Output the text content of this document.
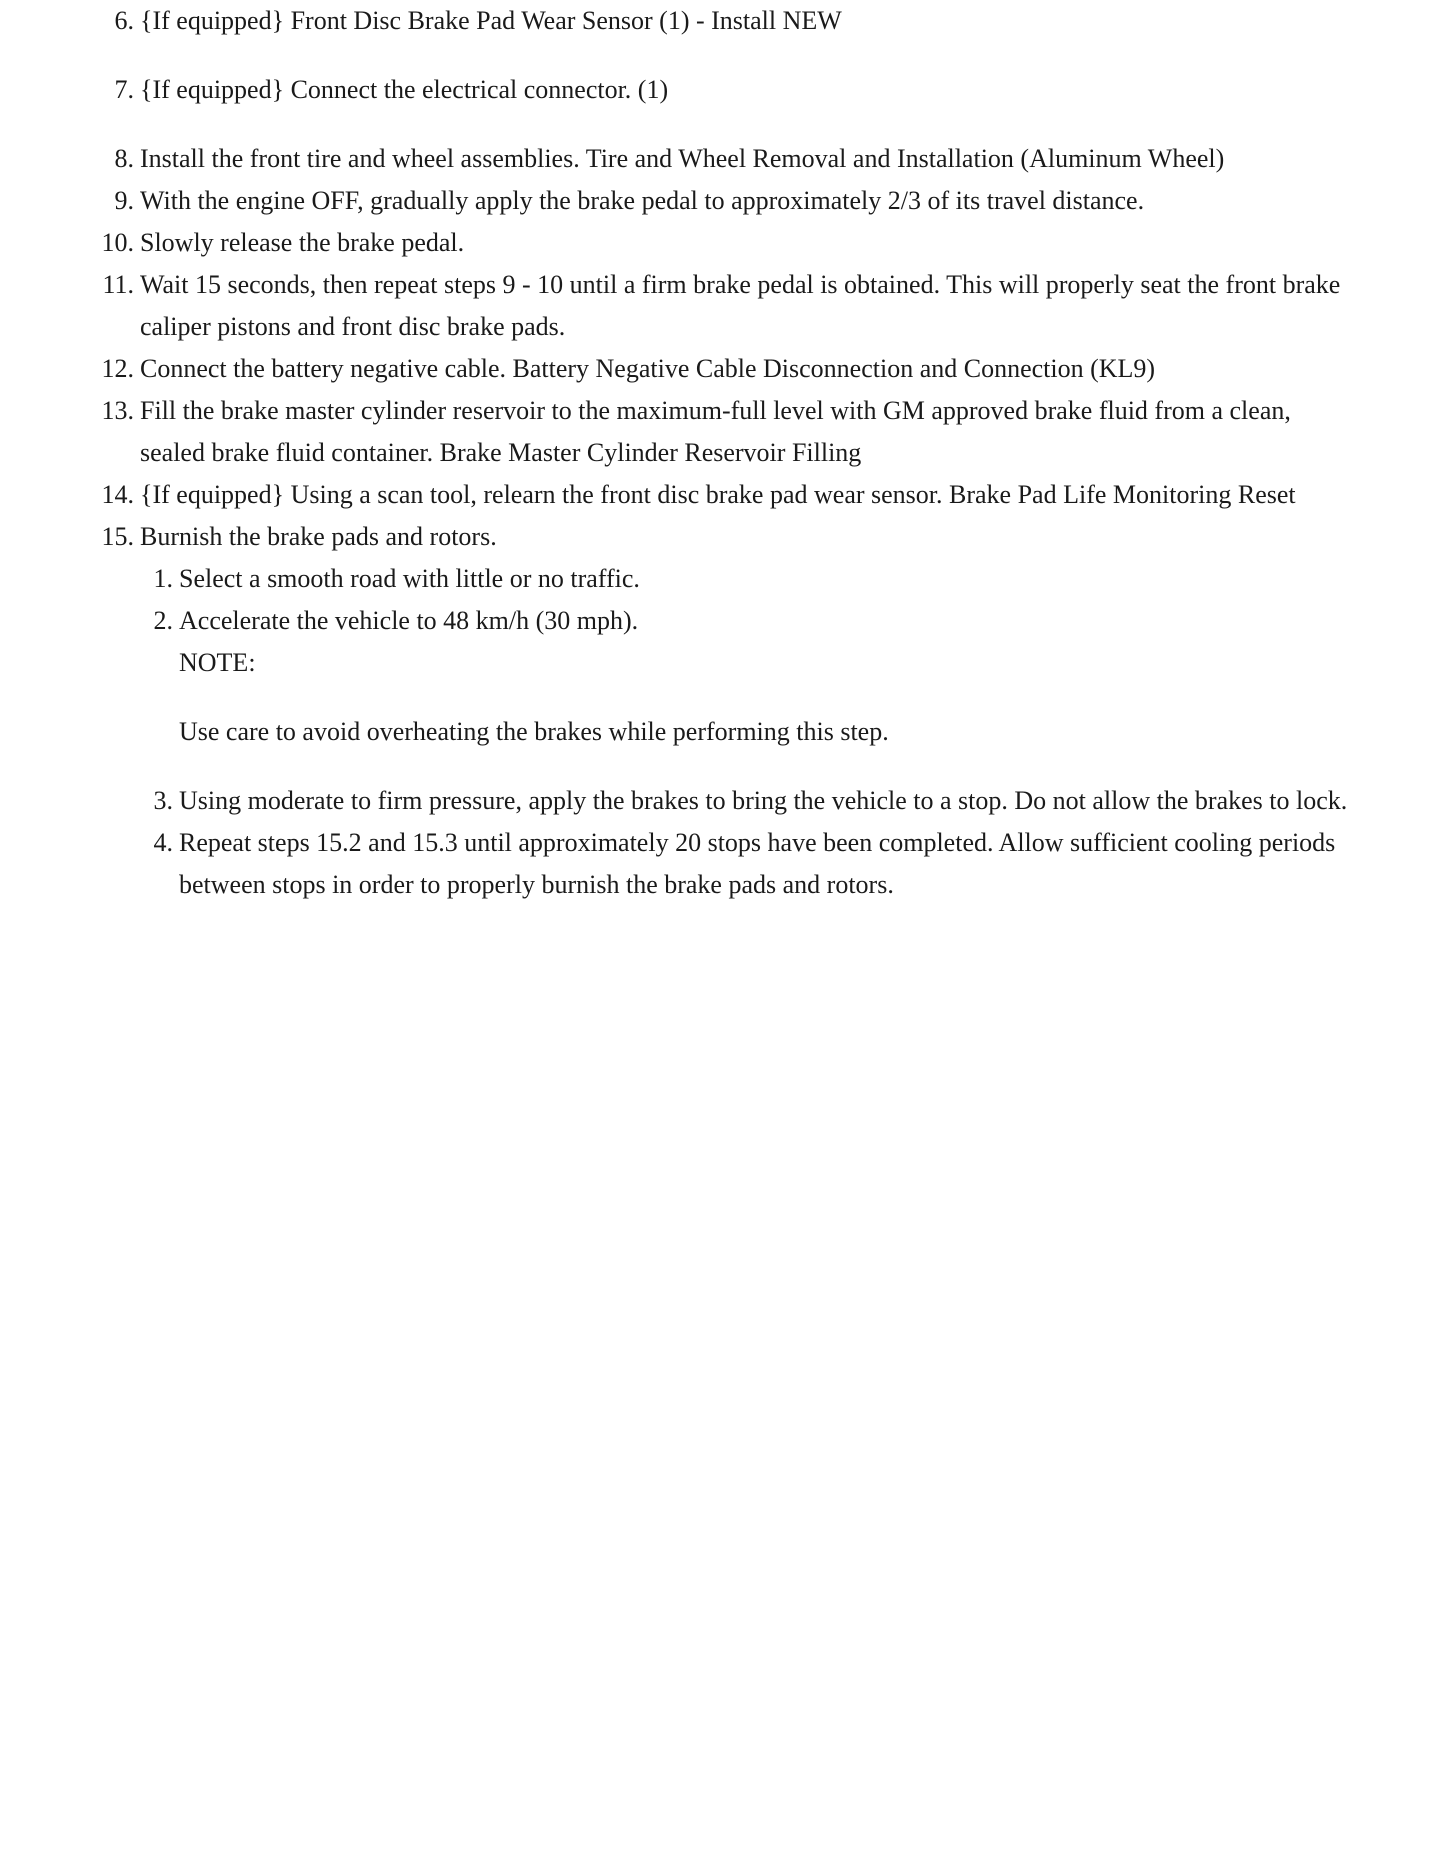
6. {If equipped} Front Disc Brake Pad Wear Sensor (1) - Install NEW
7. {If equipped} Connect the electrical connector. (1)
8. Install the front tire and wheel assemblies. Tire and Wheel Removal and Installation (Aluminum Wheel)
9. With the engine OFF, gradually apply the brake pedal to approximately 2/3 of its travel distance.
10. Slowly release the brake pedal.
11. Wait 15 seconds, then repeat steps 9 - 10 until a firm brake pedal is obtained. This will properly seat the front brake caliper pistons and front disc brake pads.
12. Connect the battery negative cable. Battery Negative Cable Disconnection and Connection (KL9)
13. Fill the brake master cylinder reservoir to the maximum-full level with GM approved brake fluid from a clean, sealed brake fluid container. Brake Master Cylinder Reservoir Filling
14. {If equipped} Using a scan tool, relearn the front disc brake pad wear sensor. Brake Pad Life Monitoring Reset
15. Burnish the brake pads and rotors.
1. Select a smooth road with little or no traffic.
2. Accelerate the vehicle to 48 km/h (30 mph).
NOTE:
Use care to avoid overheating the brakes while performing this step.
3. Using moderate to firm pressure, apply the brakes to bring the vehicle to a stop. Do not allow the brakes to lock.
4. Repeat steps 15.2 and 15.3 until approximately 20 stops have been completed. Allow sufficient cooling periods between stops in order to properly burnish the brake pads and rotors.
